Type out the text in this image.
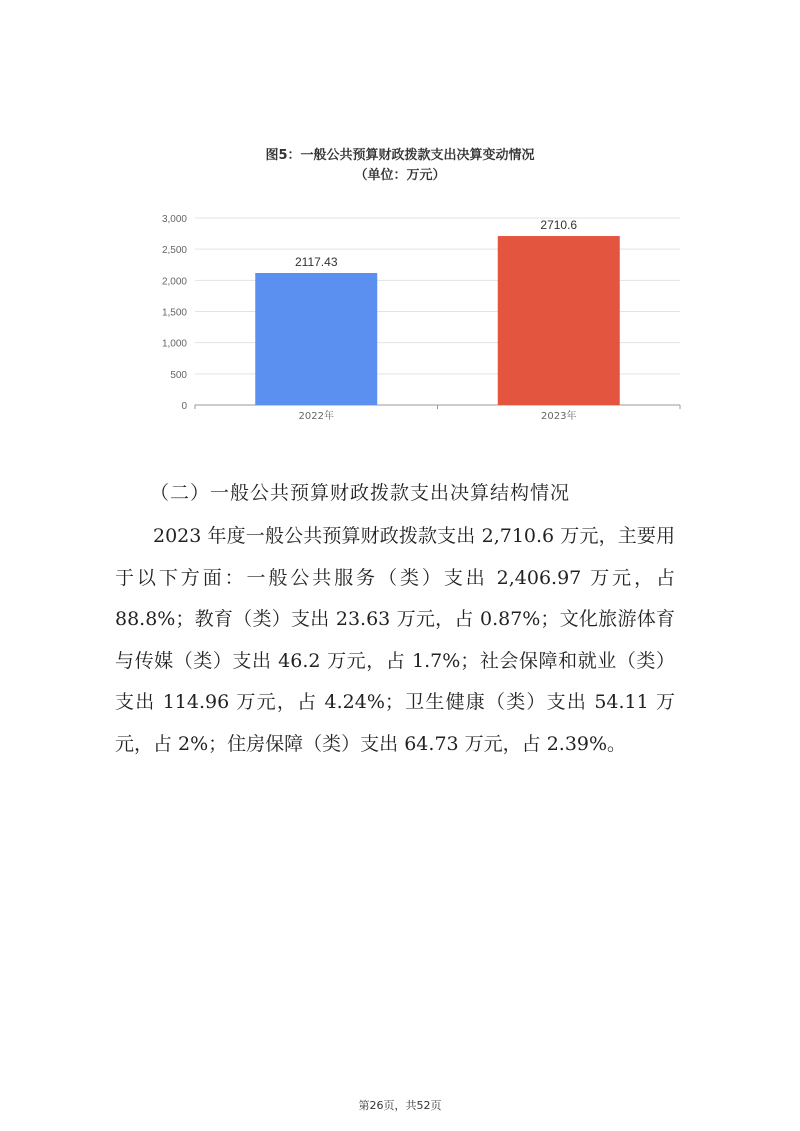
图5：一般公共预算财政拨款支出决算变动情况
（单位：万元）
0
500
1,000
1,500
2,000
2,500
3,000
2117.43
2022年
2710.6
2023年
（二）一般公共预算财政拨款支出决算结构情况
2023 年度一般公共预算财政拨款支出 2,710.6 万元，主要用于以下方面：一般公共服务（类）支出 2,406.97 万元，占 88.8%；教育（类）支出 23.63 万元，占 0.87%；文化旅游体育与传媒（类）支出 46.2 万元，占 1.7%；社会保障和就业（类）支出 114.96 万元，占 4.24%；卫生健康（类）支出 54.11 万元，占 2%；住房保障（类）支出 64.73 万元，占 2.39%。
第26页，共52页
